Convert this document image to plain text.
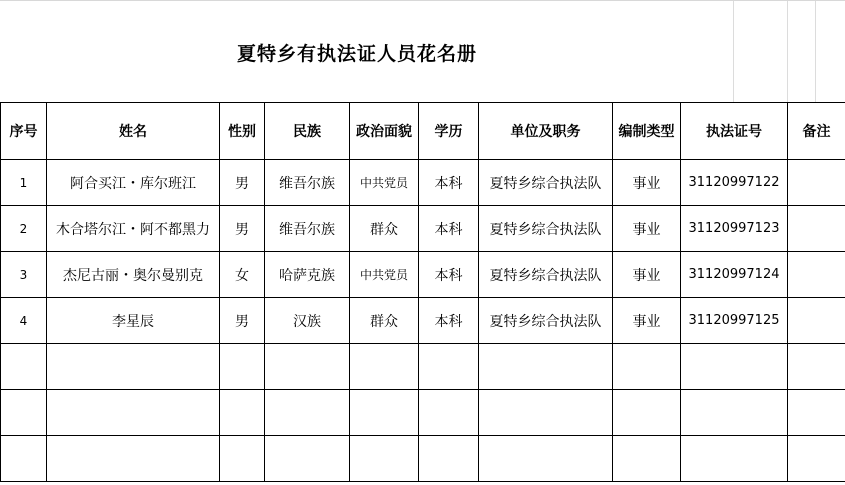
夏特乡有执法证人员花名册
序号	姓名	性别	民族	政治面貌	学历	单位及职务	编制类型	执法证号	备注
1	阿合买江・库尔班江	男	维吾尔族	中共党员	本科	夏特乡综合执法队	事业	31120997122	
2	木合塔尔江・阿不都黑力	男	维吾尔族	群众	本科	夏特乡综合执法队	事业	31120997123	
3	杰尼古丽・奥尔曼别克	女	哈萨克族	中共党员	本科	夏特乡综合执法队	事业	31120997124	
4	李星辰	男	汉族	群众	本科	夏特乡综合执法队	事业	31120997125	
